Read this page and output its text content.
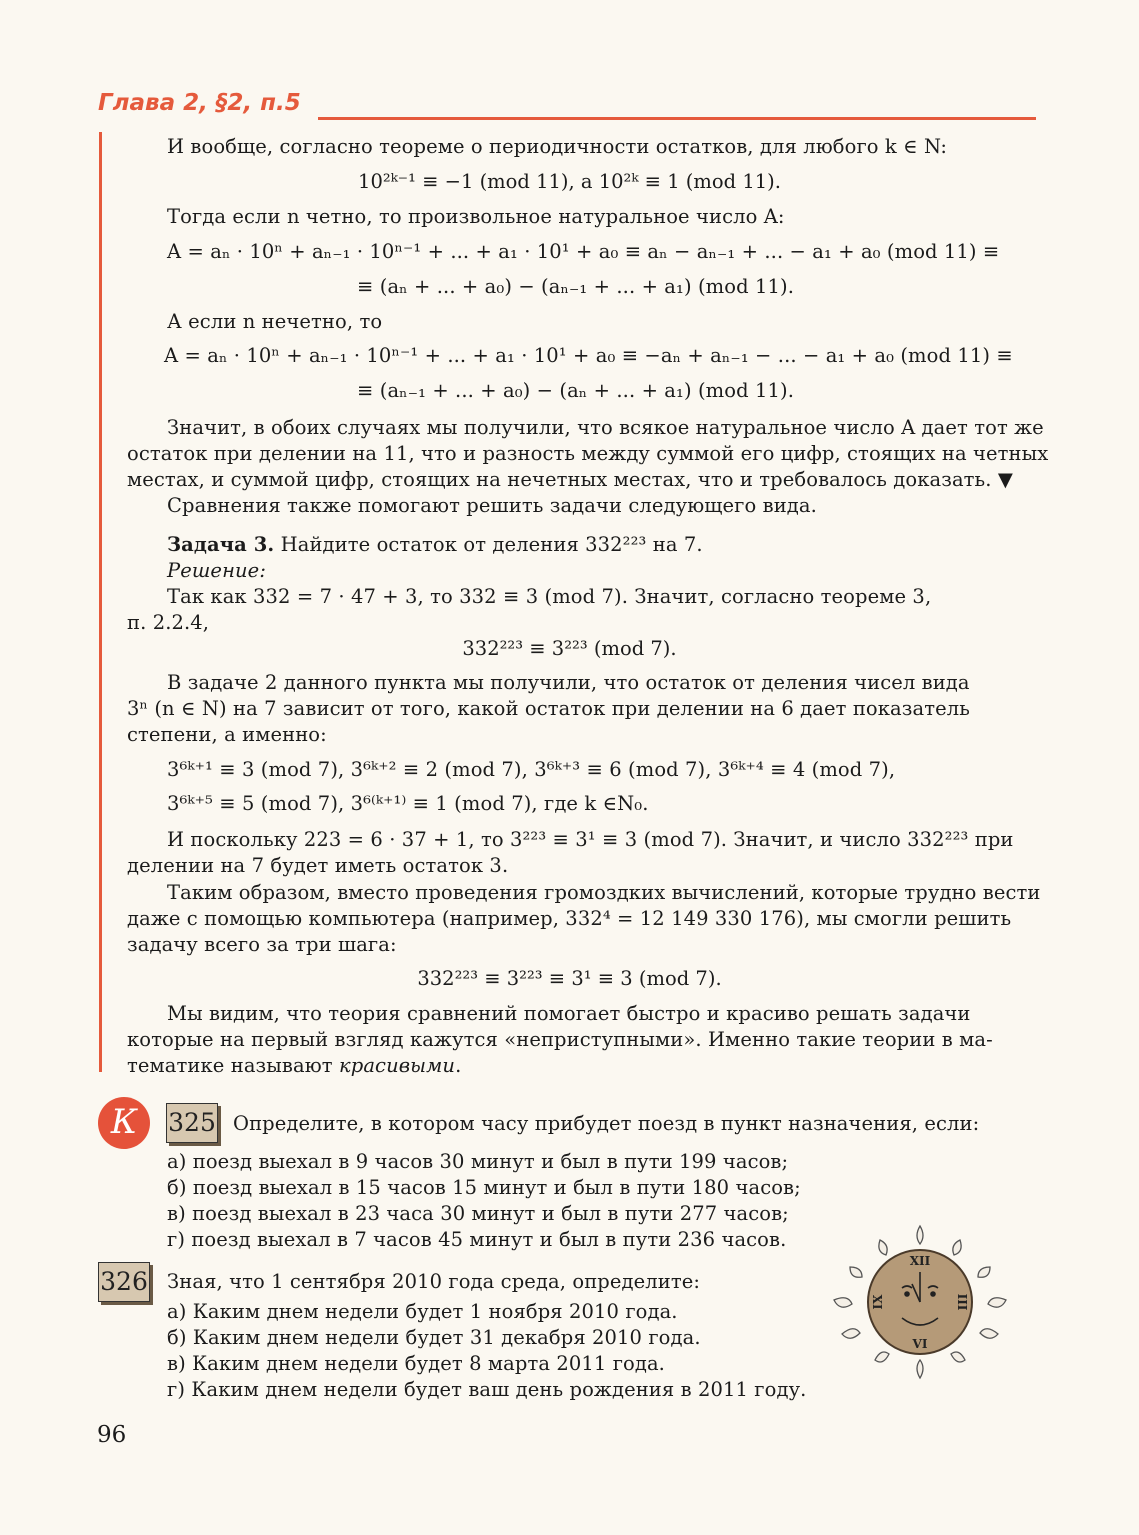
Глава 2, §2, п.5
И вообще, согласно теореме о периодичности остатков, для любого k ∈ N:
10²ᵏ⁻¹ ≡ −1 (mod 11), а 10²ᵏ ≡ 1 (mod 11).
Тогда если n четно, то произвольное натуральное число A:
A = aₙ · 10ⁿ + aₙ₋₁ · 10ⁿ⁻¹ + ... + a₁ · 10¹ + a₀ ≡ aₙ − aₙ₋₁ + ... − a₁ + a₀ (mod 11) ≡
≡ (aₙ + ... + a₀) − (aₙ₋₁ + ... + a₁) (mod 11).
А если n нечетно, то
A = aₙ · 10ⁿ + aₙ₋₁ · 10ⁿ⁻¹ + ... + a₁ · 10¹ + a₀ ≡ −aₙ + aₙ₋₁ − ... − a₁ + a₀ (mod 11) ≡
≡ (aₙ₋₁ + ... + a₀) − (aₙ + ... + a₁) (mod 11).
Значит, в обоих случаях мы получили, что всякое натуральное число A дает тот же
остаток при делении на 11, что и разность между суммой его цифр, стоящих на четных
местах, и суммой цифр, стоящих на нечетных местах, что и требовалось доказать. ▼
Сравнения также помогают решить задачи следующего вида.
Задача 3. Найдите остаток от деления 332²²³ на 7.
Решение:
Так как 332 = 7 · 47 + 3, то 332 ≡ 3 (mod 7). Значит, согласно теореме 3,
п. 2.2.4,
332²²³ ≡ 3²²³ (mod 7).
В задаче 2 данного пункта мы получили, что остаток от деления чисел вида
3ⁿ (n ∈ N) на 7 зависит от того, какой остаток при делении на 6 дает показатель
степени, а именно:
3⁶ᵏ⁺¹ ≡ 3 (mod 7), 3⁶ᵏ⁺² ≡ 2 (mod 7), 3⁶ᵏ⁺³ ≡ 6 (mod 7), 3⁶ᵏ⁺⁴ ≡ 4 (mod 7),
3⁶ᵏ⁺⁵ ≡ 5 (mod 7), 3⁶⁽ᵏ⁺¹⁾ ≡ 1 (mod 7), где k ∈N₀.
И поскольку 223 = 6 · 37 + 1, то 3²²³ ≡ 3¹ ≡ 3 (mod 7). Значит, и число 332²²³ при
делении на 7 будет иметь остаток 3.
Таким образом, вместо проведения громоздких вычислений, которые трудно вести
даже с помощью компьютера (например, 332⁴ = 12 149 330 176), мы смогли решить
задачу всего за три шага:
332²²³ ≡ 3²²³ ≡ 3¹ ≡ 3 (mod 7).
Мы видим, что теория сравнений помогает быстро и красиво решать задачи
которые на первый взгляд кажутся «неприступными». Именно такие теории в ма-
тематике называют красивыми.
К	325 Определите, в котором часу прибудет поезд в пункт назначения, если:
а) поезд выехал в 9 часов 30 минут и был в пути 199 часов;
б) поезд выехал в 15 часов 15 минут и был в пути 180 часов;
в) поезд выехал в 23 часа 30 минут и был в пути 277 часов;
г) поезд выехал в 7 часов 45 минут и был в пути 236 часов.
326 Зная, что 1 сентября 2010 года среда, определите:
а) Каким днем недели будет 1 ноября 2010 года.
б) Каким днем недели будет 31 декабря 2010 года.
в) Каким днем недели будет 8 марта 2011 года.
г) Каким днем недели будет ваш день рождения в 2011 году.
XII
III
VI
IX
96
